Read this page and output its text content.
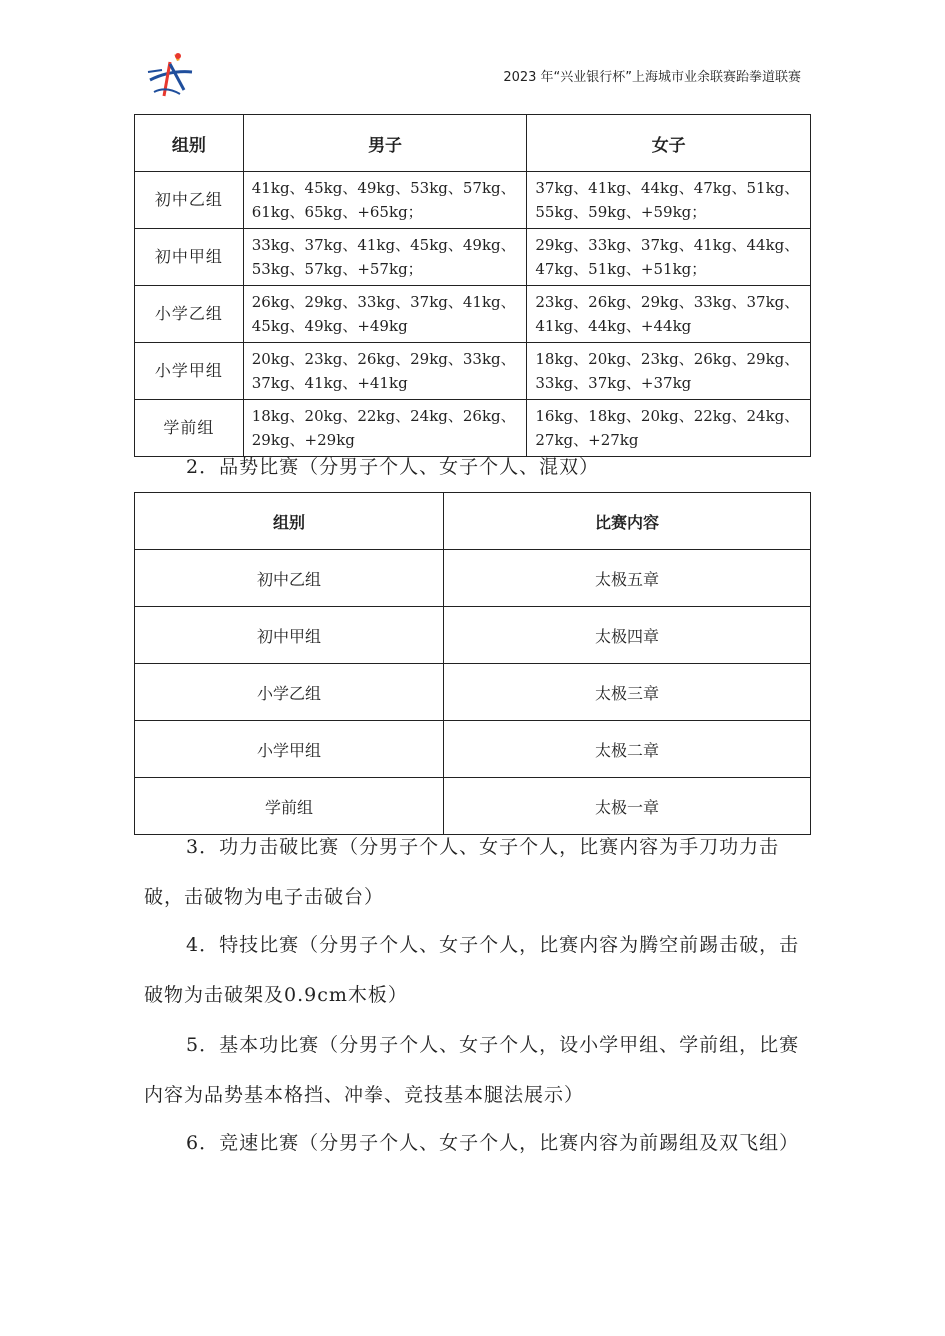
2023 年“兴业银行杯”上海城市业余联赛跆拳道联赛
组别	男子	女子
初中乙组	41kg、45kg、49kg、53kg、57kg、61kg、65kg、+65kg；	37kg、41kg、44kg、47kg、51kg、55kg、59kg、+59kg；
初中甲组	33kg、37kg、41kg、45kg、49kg、53kg、57kg、+57kg；	29kg、33kg、37kg、41kg、44kg、47kg、51kg、+51kg；
小学乙组	26kg、29kg、33kg、37kg、41kg、45kg、49kg、+49kg	23kg、26kg、29kg、33kg、37kg、41kg、44kg、+44kg
小学甲组	20kg、23kg、26kg、29kg、33kg、37kg、41kg、+41kg	18kg、20kg、23kg、26kg、29kg、33kg、37kg、+37kg
学前组	18kg、20kg、22kg、24kg、26kg、29kg、+29kg	16kg、18kg、20kg、22kg、24kg、27kg、+27kg
2．品势比赛（分男子个人、女子个人、混双）
组别	比赛内容
初中乙组	太极五章
初中甲组	太极四章
小学乙组	太极三章
小学甲组	太极二章
学前组	太极一章
3．功力击破比赛（分男子个人、女子个人，比赛内容为手刀功力击破，击破物为电子击破台）
4．特技比赛（分男子个人、女子个人，比赛内容为腾空前踢击破，击破物为击破架及0.9cm木板）
5．基本功比赛（分男子个人、女子个人，设小学甲组、学前组，比赛内容为品势基本格挡、冲拳、竞技基本腿法展示）
6．竞速比赛（分男子个人、女子个人，比赛内容为前踢组及双飞组）
